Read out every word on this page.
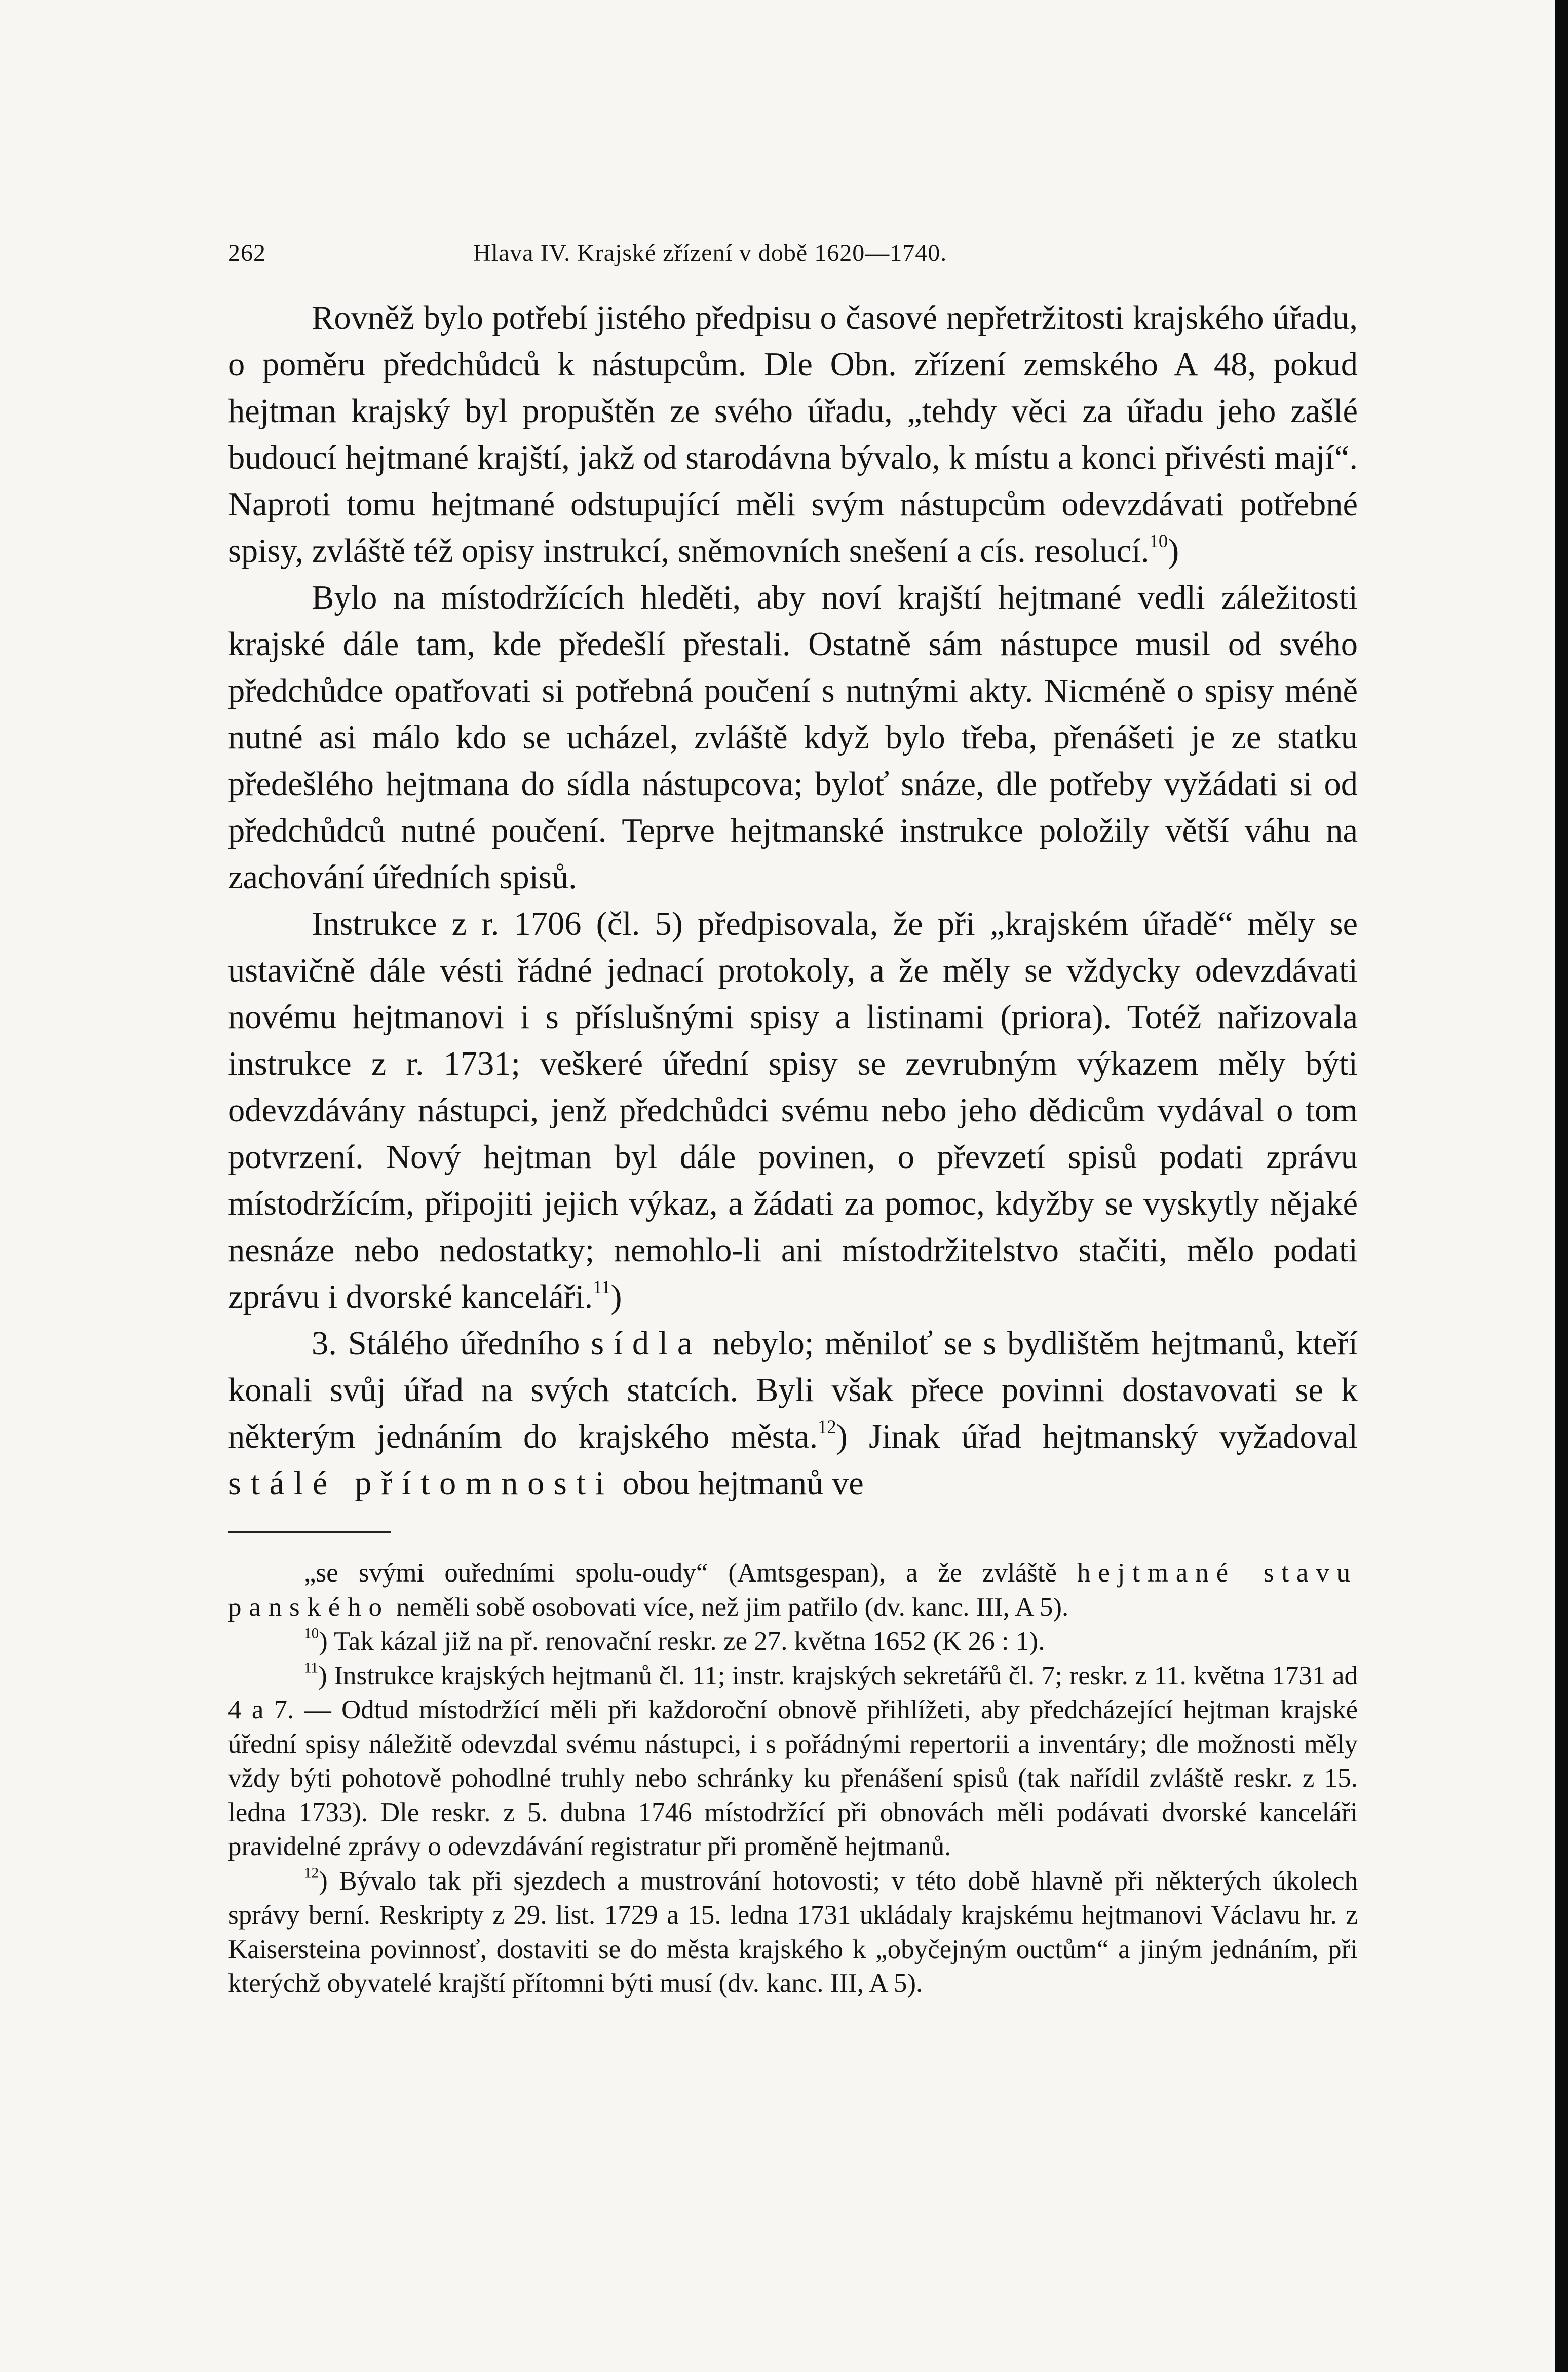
262	Hlava IV. Krajské zřízení v době 1620—1740.

Rovněž bylo potřebí jistého předpisu o časové nepřetržitosti krajského úřadu, o poměru předchůdců k nástupcům. Dle Obn. zřízení zemského A 48, pokud hejtman krajský byl propuštěn ze svého úřadu, „tehdy věci za úřadu jeho zašlé budoucí hejtmané krajští, jakž od starodávna bývalo, k místu a konci přivésti mají“. Naproti tomu hejtmané odstupující měli svým nástupcům odevzdávati potřebné spisy, zvláště též opisy instrukcí, sněmovních snešení a cís. resolucí.$^{10}$)

Bylo na místodržících hleděti, aby noví krajští hejtmané vedli záležitosti krajské dále tam, kde předešlí přestali. Ostatně sám nástupce musil od svého předchůdce opatřovati si potřebná poučení s nutnými akty. Nicméně o spisy méně nutné asi málo kdo se ucházel, zvláště když bylo třeba, přenášeti je ze statku předešlého hejtmana do sídla nástupcova; byloť snáze, dle potřeby vyžádati si od předchůdců nutné poučení. Teprve hejtmanské instrukce položily větší váhu na zachování úředních spisů.

Instrukce z r. 1706 (čl. 5) předpisovala, že při „krajském úřadě“ měly se ustavičně dále vésti řádné jednací protokoly, a že měly se vždycky odevzdávati novému hejtmanovi i s příslušnými spisy a listinami (priora). Totéž nařizovala instrukce z r. 1731; veškeré úřední spisy se zevrubným výkazem měly býti odevzdávány nástupci, jenž předchůdci svému nebo jeho dědicům vydával o tom potvrzení. Nový hejtman byl dále povinen, o převzetí spisů podati zprávu místodržícím, připojiti jejich výkaz, a žádati za pomoc, kdyžby se vyskytly nějaké nesnáze nebo nedostatky; nemohlo-li ani místodržitelstvo stačiti, mělo podati zprávu i dvorské kanceláři.$^{11}$)

3. Stálého úředního sídla nebylo; měniloť se s bydlištěm hejtmanů, kteří konali svůj úřad na svých statcích. Byli však přece povinni dostavovati se k některým jednáním do krajského města.$^{12}$) Jinak úřad hejtmanský vyžadoval stálé přítomnosti obou hejtmanů ve

„se svými ouředními spolu-oudy“ (Amtsgespan), a že zvláště hejtmané stavu panského neměli sobě osobovati více, než jim patřilo (dv. kanc. III, A 5).

$^{10}$) Tak kázal již na př. renovační reskr. ze 27. května 1652 (K 26 : 1).

$^{11}$) Instrukce krajských hejtmanů čl. 11; instr. krajských sekretářů čl. 7; reskr. z 11. května 1731 ad 4 a 7. — Odtud místodržící měli při každoroční obnově přihlížeti, aby předcházející hejtman krajské úřední spisy náležitě odevzdal svému nástupci, i s pořádnými repertorii a inventáry; dle možnosti měly vždy býti pohotově pohodlné truhly nebo schránky ku přenášení spisů (tak nařídil zvláště reskr. z 15. ledna 1733). Dle reskr. z 5. dubna 1746 místodržící při obnovách měli podávati dvorské kanceláři pravidelné zprávy o odevzdávání registratur při proměně hejtmanů.

$^{12}$) Bývalo tak při sjezdech a mustrování hotovosti; v této době hlavně při některých úkolech správy berní. Reskripty z 29. list. 1729 a 15. ledna 1731 ukládaly krajskému hejtmanovi Václavu hr. z Kaisersteina povinnosť, dostaviti se do města krajského k „obyčejným ouctům“ a jiným jednáním, při kterýchž obyvatelé krajští přítomni býti musí (dv. kanc. III, A 5).
